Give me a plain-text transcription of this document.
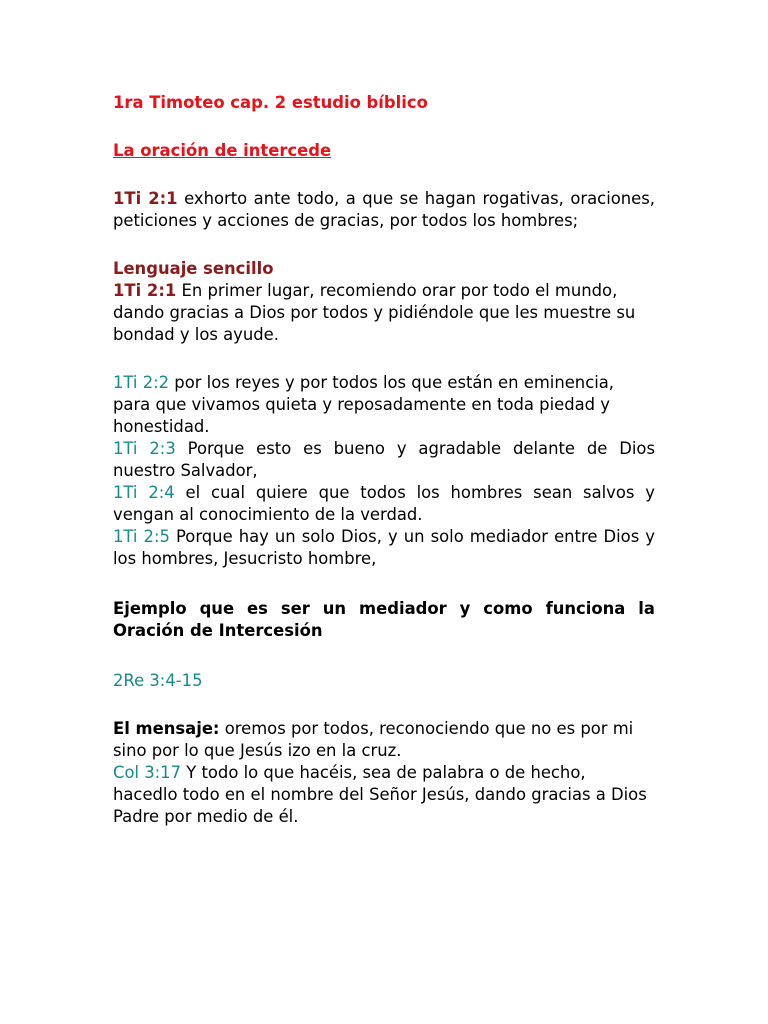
1ra Timoteo cap. 2 estudio bíblico
La oración de intercede

1Ti 2:1 exhorto ante todo, a que se hagan rogativas, oraciones, peticiones y acciones de gracias, por todos los hombres;

Lenguaje sencillo

1Ti 2:1 En primer lugar, recomiendo orar por todo el mundo, dando gracias a Dios por todos y pidiéndole que les muestre su bondad y los ayude.

1Ti 2:2 por los reyes y por todos los que están en eminencia, para que vivamos quieta y reposadamente en toda piedad y honestidad.

1Ti 2:3 Porque esto es bueno y agradable delante de Dios nuestro Salvador,

1Ti 2:4 el cual quiere que todos los hombres sean salvos y vengan al conocimiento de la verdad.

1Ti 2:5 Porque hay un solo Dios, y un solo mediador entre Dios y los hombres, Jesucristo hombre,

Ejemplo que es ser un mediador y como funciona la Oración de Intercesión

2Re 3:4-15

El mensaje: oremos por todos, reconociendo que no es por mi sino por lo que Jesús izo en la cruz.

Col 3:17 Y todo lo que hacéis, sea de palabra o de hecho, hacedlo todo en el nombre del Señor Jesús, dando gracias a Dios Padre por medio de él.
